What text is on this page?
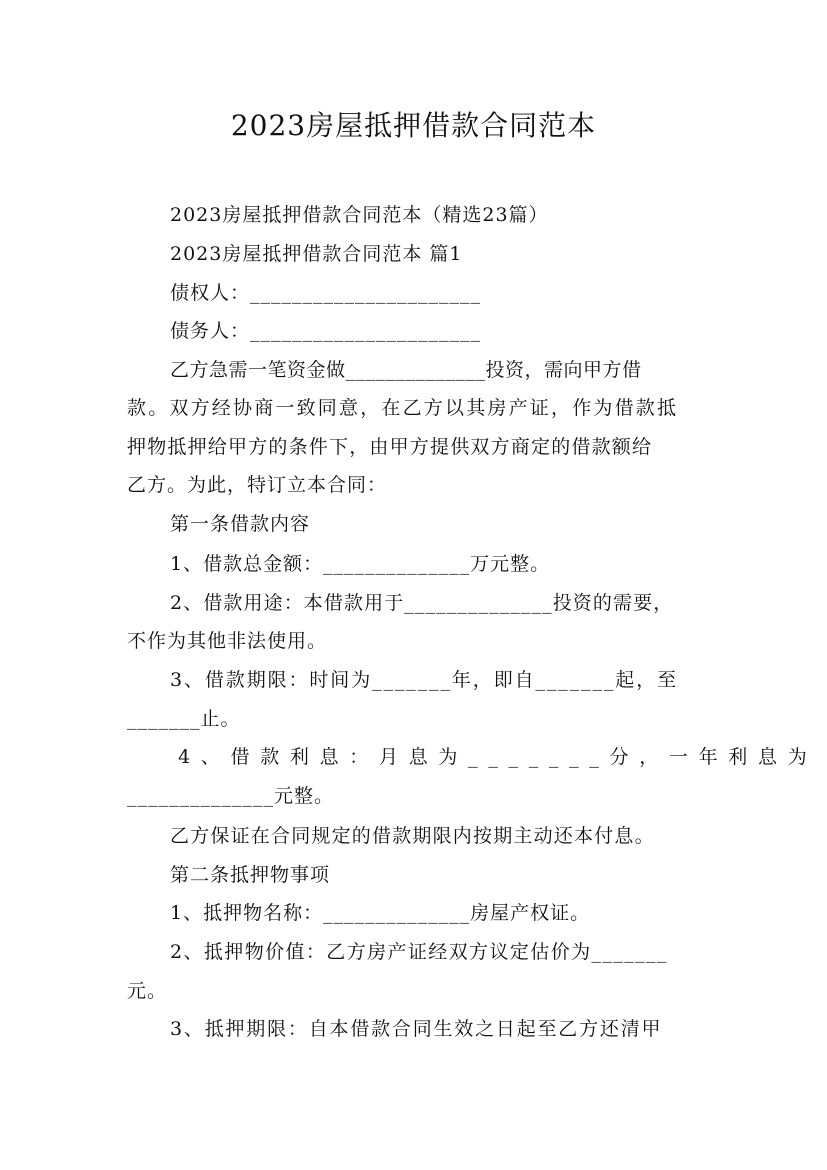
2023房屋抵押借款合同范本
2023房屋抵押借款合同范本（精选23篇）
2023房屋抵押借款合同范本 篇1
债权人：______________________
债务人：______________________
乙方急需一笔资金做______________投资，需向甲方借
款。双方经协商一致同意，在乙方以其房产证，作为借款抵
押物抵押给甲方的条件下，由甲方提供双方商定的借款额给
乙方。为此，特订立本合同：
第一条借款内容
1、借款总金额：______________万元整。
2、借款用途：本借款用于______________投资的需要，
不作为其他非法使用。
3、借款期限：时间为_______年，即自_______起，至
_______止。
4、借款利息：月息为_______分，一年利息为
______________元整。
乙方保证在合同规定的借款期限内按期主动还本付息。
第二条抵押物事项
1、抵押物名称：______________房屋产权证。
2、抵押物价值：乙方房产证经双方议定估价为_______
元。
3、抵押期限：自本借款合同生效之日起至乙方还清甲
